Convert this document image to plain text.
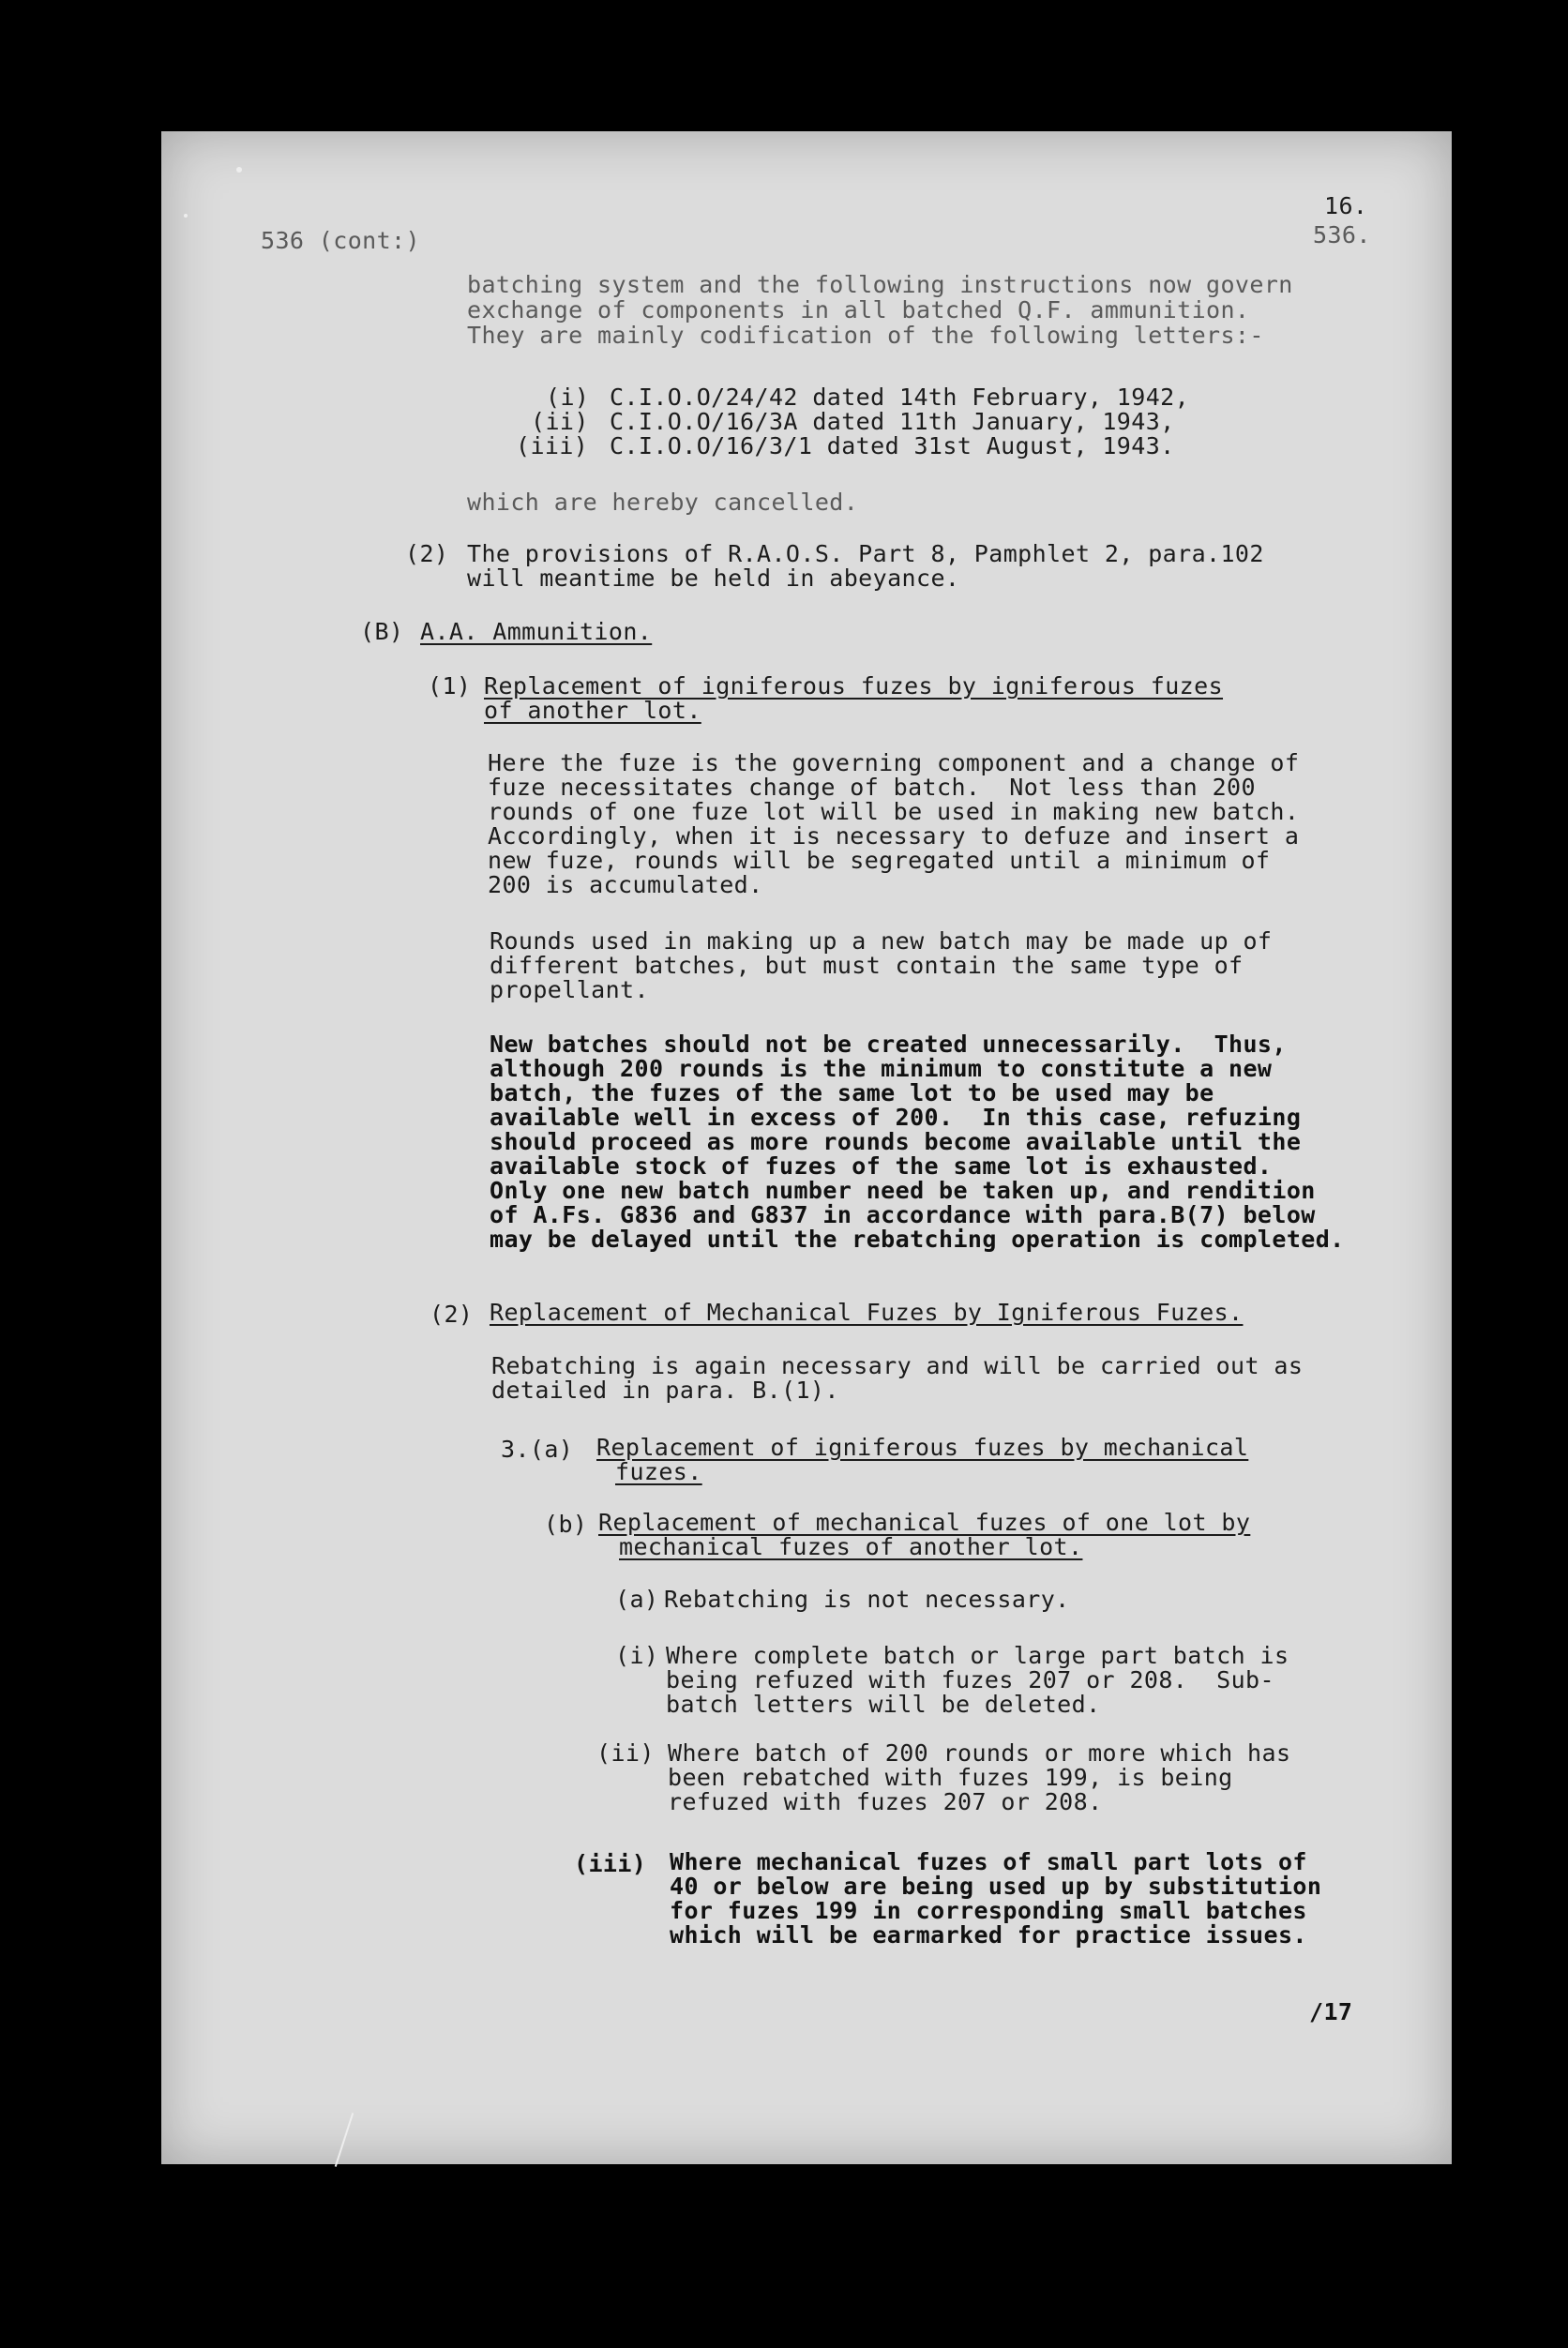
536 (cont:)
16.
536.
batching system and the following instructions now govern
exchange of components in all batched Q.F. ammunition.
They are mainly codification of the following letters:-
(i) C.I.O.O/24/42 dated 14th February, 1942,
(ii) C.I.O.O/16/3A dated 11th January, 1943,
(iii) C.I.O.O/16/3/1 dated 31st August, 1943.
which are hereby cancelled.
(2) The provisions of R.A.O.S. Part 8, Pamphlet 2, para.102
will meantime be held in abeyance.
(B) A.A. Ammunition.
(1) Replacement of igniferous fuzes by igniferous fuzes
of another lot.
Here the fuze is the governing component and a change of
fuze necessitates change of batch.  Not less than 200
rounds of one fuze lot will be used in making new batch.
Accordingly, when it is necessary to defuze and insert a
new fuze, rounds will be segregated until a minimum of
200 is accumulated.
Rounds used in making up a new batch may be made up of
different batches, but must contain the same type of
propellant.
New batches should not be created unnecessarily.  Thus,
although 200 rounds is the minimum to constitute a new
batch, the fuzes of the same lot to be used may be
available well in excess of 200.  In this case, refuzing
should proceed as more rounds become available until the
available stock of fuzes of the same lot is exhausted.
Only one new batch number need be taken up, and rendition
of A.Fs. G836 and G837 in accordance with para.B(7) below
may be delayed until the rebatching operation is completed.
(2) Replacement of Mechanical Fuzes by Igniferous Fuzes.
Rebatching is again necessary and will be carried out as
detailed in para. B.(1).
3.(a) Replacement of igniferous fuzes by mechanical
fuzes.
(b) Replacement of mechanical fuzes of one lot by
mechanical fuzes of another lot.
(a) Rebatching is not necessary.
(i) Where complete batch or large part batch is
being refuzed with fuzes 207 or 208.  Sub-
batch letters will be deleted.
(ii) Where batch of 200 rounds or more which has
been rebatched with fuzes 199, is being
refuzed with fuzes 207 or 208.
(iii) Where mechanical fuzes of small part lots of
40 or below are being used up by substitution
for fuzes 199 in corresponding small batches
which will be earmarked for practice issues.
/17
